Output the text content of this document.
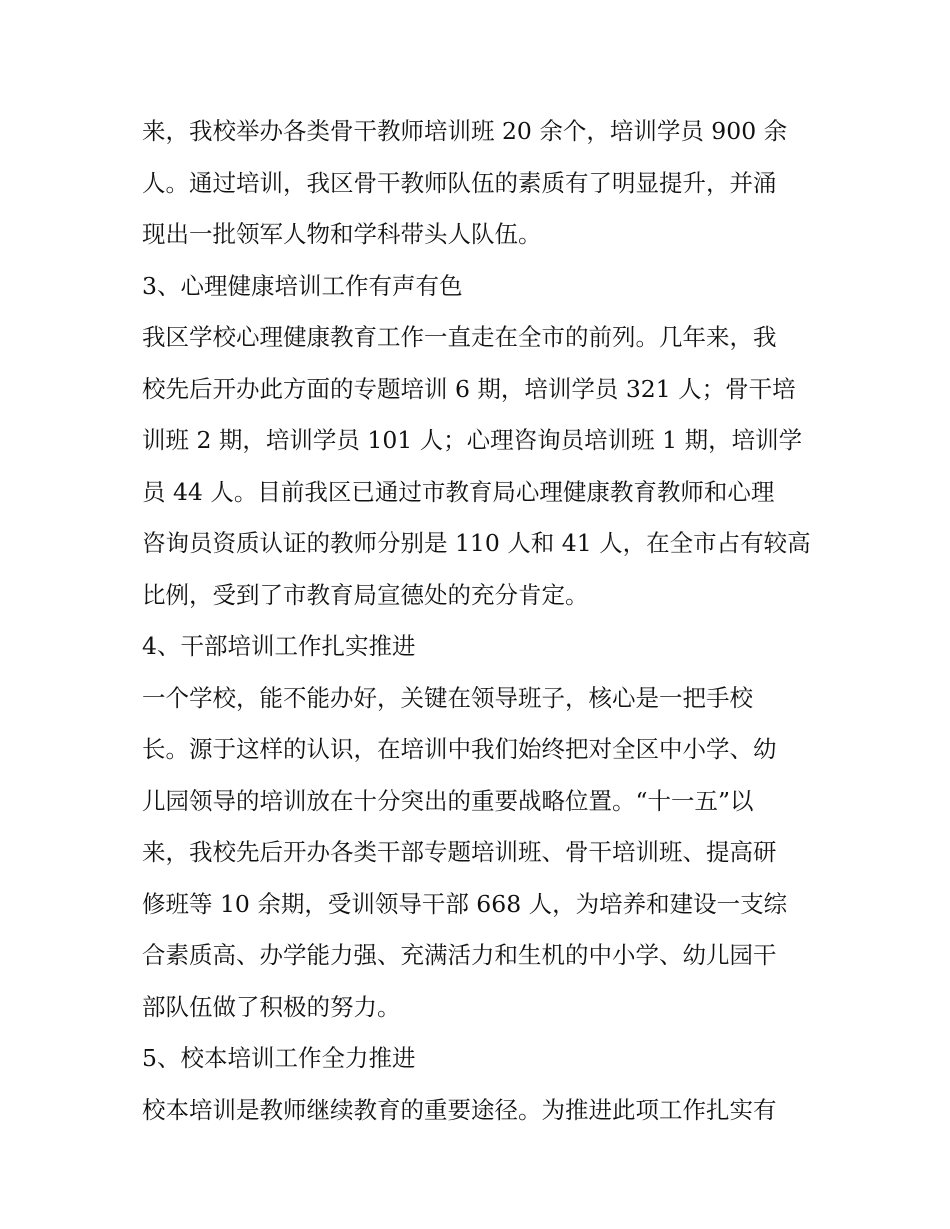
来，我校举办各类骨干教师培训班 20 余个，培训学员 900 余
人。通过培训，我区骨干教师队伍的素质有了明显提升，并涌
现出一批领军人物和学科带头人队伍。
3、心理健康培训工作有声有色
我区学校心理健康教育工作一直走在全市的前列。几年来，我
校先后开办此方面的专题培训 6 期，培训学员 321 人；骨干培
训班 2 期，培训学员 101 人；心理咨询员培训班 1 期，培训学
员 44 人。目前我区已通过市教育局心理健康教育教师和心理
咨询员资质认证的教师分别是 110 人和 41 人，在全市占有较高
比例，受到了市教育局宣德处的充分肯定。
4、干部培训工作扎实推进
一个学校，能不能办好，关键在领导班子，核心是一把手校
长。源于这样的认识，在培训中我们始终把对全区中小学、幼
儿园领导的培训放在十分突出的重要战略位置。“十一五”以
来，我校先后开办各类干部专题培训班、骨干培训班、提高研
修班等 10 余期，受训领导干部 668 人，为培养和建设一支综
合素质高、办学能力强、充满活力和生机的中小学、幼儿园干
部队伍做了积极的努力。
5、校本培训工作全力推进
校本培训是教师继续教育的重要途径。为推进此项工作扎实有
